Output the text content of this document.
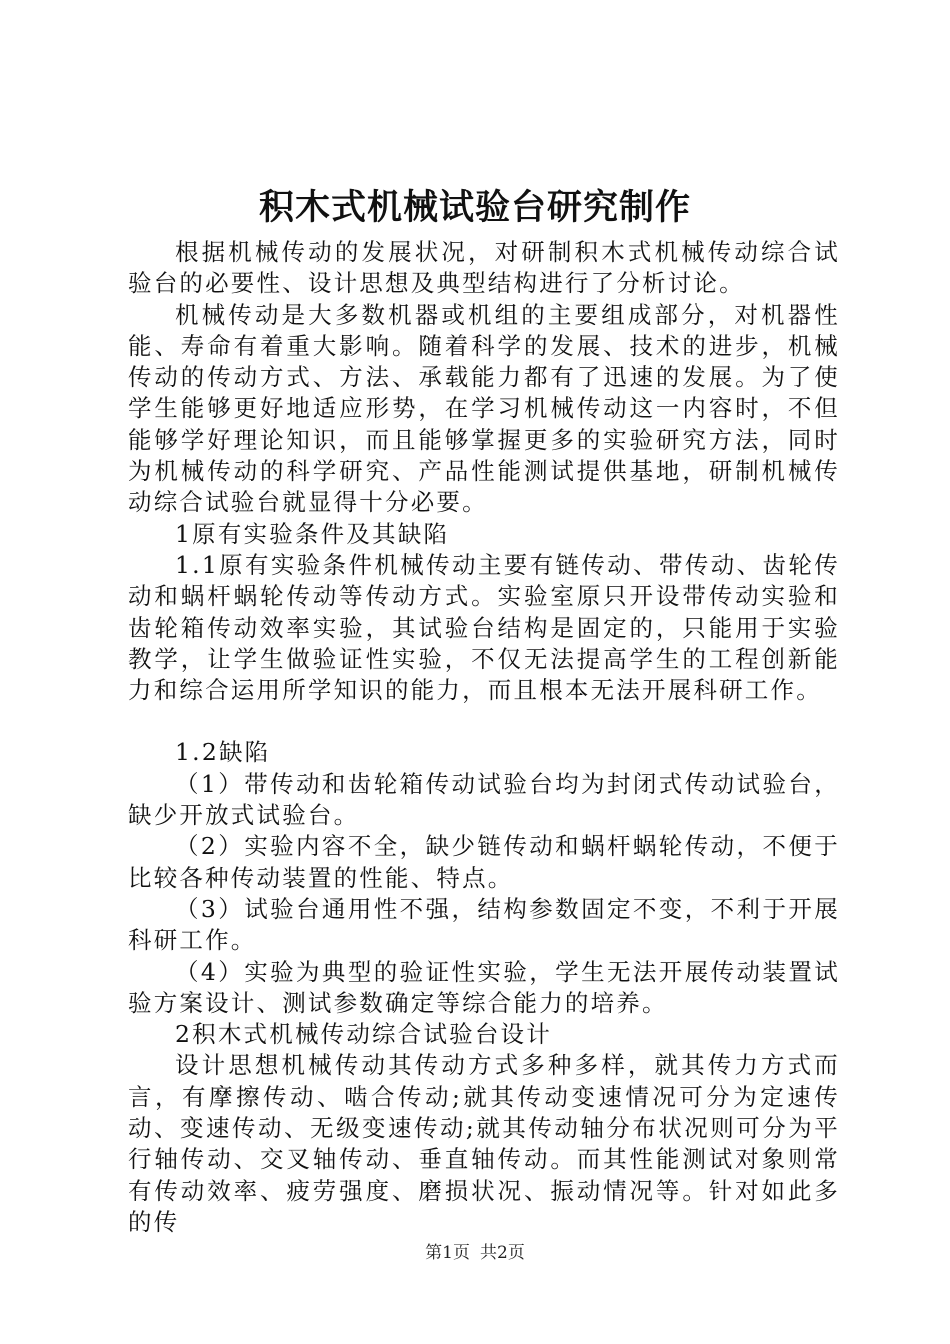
积木式机械试验台研究制作

根据机械传动的发展状况，对研制积木式机械传动综合试验台的必要性、设计思想及典型结构进行了分析讨论。

机械传动是大多数机器或机组的主要组成部分，对机器性能、寿命有着重大影响。随着科学的发展、技术的进步，机械传动的传动方式、方法、承载能力都有了迅速的发展。为了使学生能够更好地适应形势，在学习机械传动这一内容时，不但能够学好理论知识，而且能够掌握更多的实验研究方法，同时为机械传动的科学研究、产品性能测试提供基地，研制机械传动综合试验台就显得十分必要。

1原有实验条件及其缺陷

1.1原有实验条件机械传动主要有链传动、带传动、齿轮传动和蜗杆蜗轮传动等传动方式。实验室原只开设带传动实验和齿轮箱传动效率实验，其试验台结构是固定的，只能用于实验教学，让学生做验证性实验，不仅无法提高学生的工程创新能力和综合运用所学知识的能力，而且根本无法开展科研工作。

1.2缺陷

（1）带传动和齿轮箱传动试验台均为封闭式传动试验台，缺少开放式试验台。

（2）实验内容不全，缺少链传动和蜗杆蜗轮传动，不便于比较各种传动装置的性能、特点。

（3）试验台通用性不强，结构参数固定不变，不利于开展科研工作。

（4）实验为典型的验证性实验，学生无法开展传动装置试验方案设计、测试参数确定等综合能力的培养。

2积木式机械传动综合试验台设计

设计思想机械传动其传动方式多种多样，就其传力方式而言，有摩擦传动、啮合传动;就其传动变速情况可分为定速传动、变速传动、无级变速传动;就其传动轴分布状况则可分为平行轴传动、交叉轴传动、垂直轴传动。而其性能测试对象则常有传动效率、疲劳强度、磨损状况、振动情况等。针对如此多的传

第1页 共2页
